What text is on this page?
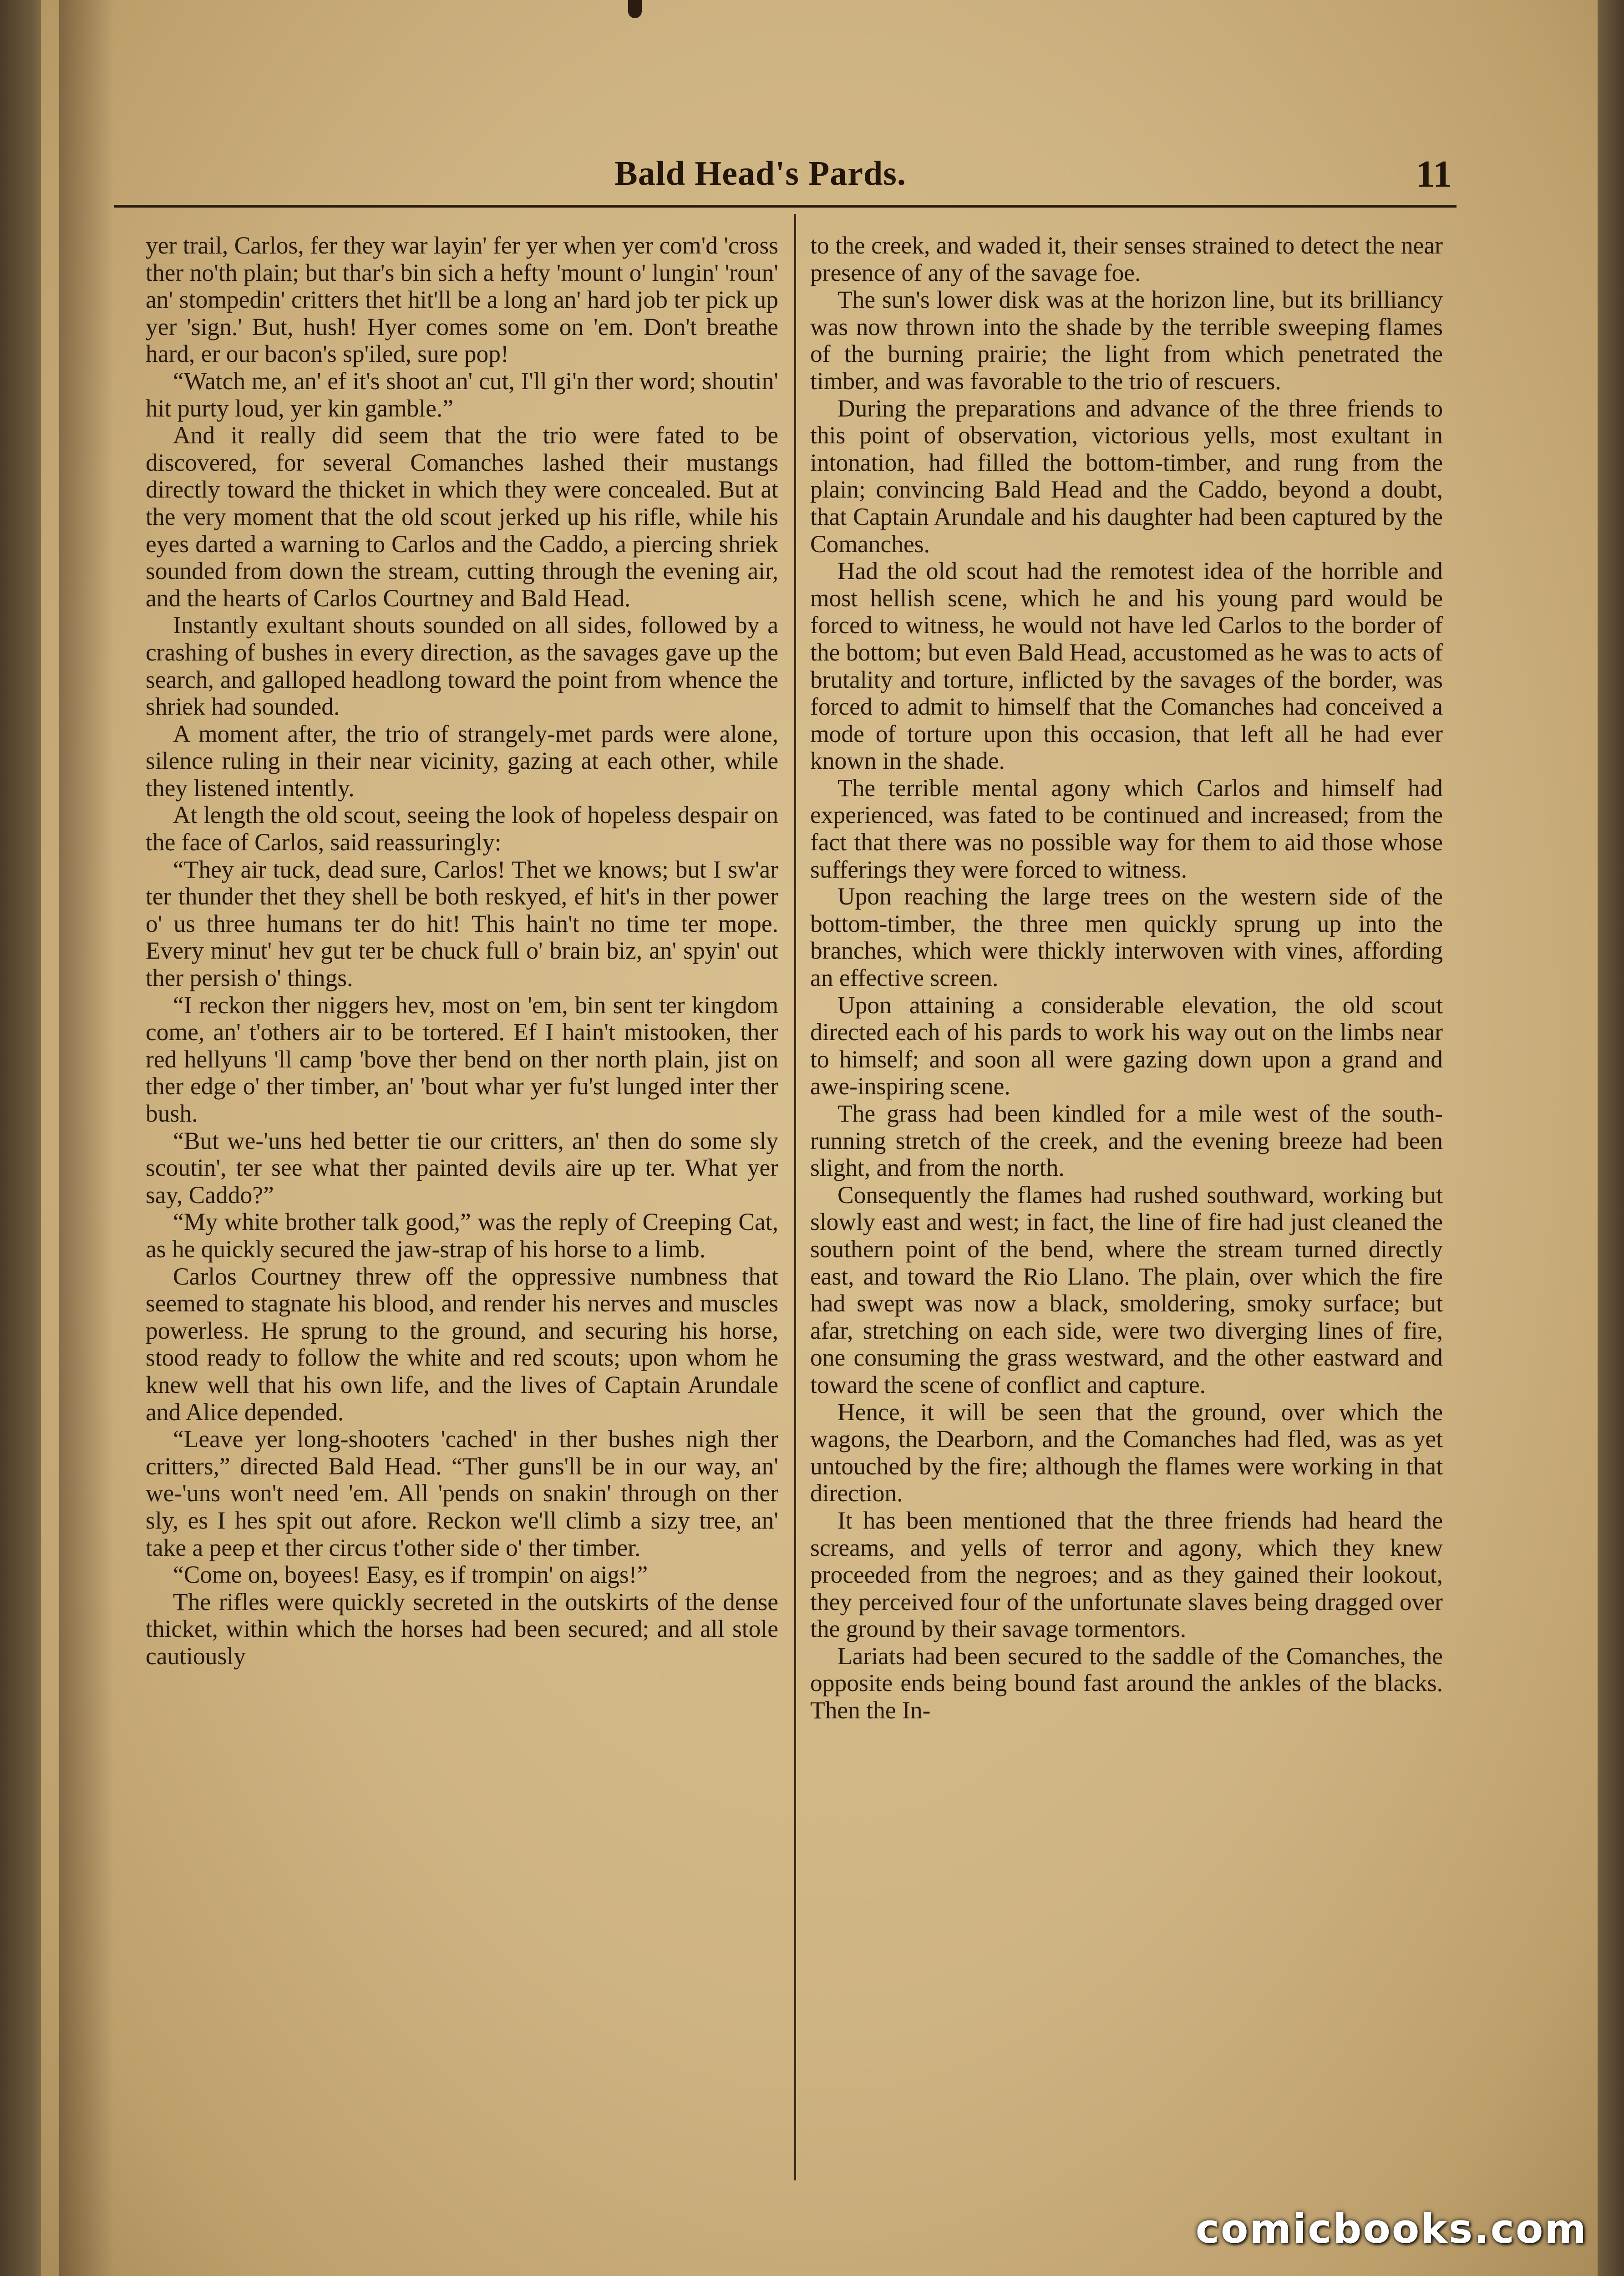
Bald Head's Pards.	11

yer trail, Carlos, fer they war layin' fer yer when yer com'd 'cross ther no'th plain; but thar's bin sich a hefty 'mount o' lungin' 'roun' an' stompedin' critters thet hit'll be a long an' hard job ter pick up yer 'sign.' But, hush! Hyer comes some on 'em. Don't breathe hard, er our bacon's sp'iled, sure pop!

“Watch me, an' ef it's shoot an' cut, I'll gi'n ther word; shoutin' hit purty loud, yer kin gamble.”

And it really did seem that the trio were fated to be discovered, for several Comanches lashed their mustangs directly toward the thicket in which they were concealed. But at the very moment that the old scout jerked up his rifle, while his eyes darted a warning to Carlos and the Caddo, a piercing shriek sounded from down the stream, cutting through the evening air, and the hearts of Carlos Courtney and Bald Head.

Instantly exultant shouts sounded on all sides, followed by a crashing of bushes in every direction, as the savages gave up the search, and galloped headlong toward the point from whence the shriek had sounded.

A moment after, the trio of strangely-met pards were alone, silence ruling in their near vicinity, gazing at each other, while they listened intently.

At length the old scout, seeing the look of hopeless despair on the face of Carlos, said reassuringly:

“They air tuck, dead sure, Carlos! Thet we knows; but I sw'ar ter thunder thet they shell be both reskyed, ef hit's in ther power o' us three humans ter do hit! This hain't no time ter mope. Every minut' hev gut ter be chuck full o' brain biz, an' spyin' out ther persish o' things.

“I reckon ther niggers hev, most on 'em, bin sent ter kingdom come, an' t'others air to be tortered. Ef I hain't mistooken, ther red hellyuns 'll camp 'bove ther bend on ther north plain, jist on ther edge o' ther timber, an' 'bout whar yer fu'st lunged inter ther bush.

“But we-'uns hed better tie our critters, an' then do some sly scoutin', ter see what ther painted devils aire up ter. What yer say, Caddo?”

“My white brother talk good,” was the reply of Creeping Cat, as he quickly secured the jaw-strap of his horse to a limb.

Carlos Courtney threw off the oppressive numbness that seemed to stagnate his blood, and render his nerves and muscles powerless. He sprung to the ground, and securing his horse, stood ready to follow the white and red scouts; upon whom he knew well that his own life, and the lives of Captain Arundale and Alice depended.

“Leave yer long-shooters 'cached' in ther bushes nigh ther critters,” directed Bald Head. “Ther guns'll be in our way, an' we-'uns won't need 'em. All 'pends on snakin' through on ther sly, es I hes spit out afore. Reckon we'll climb a sizy tree, an' take a peep et ther circus t'other side o' ther timber.

“Come on, boyees! Easy, es if trompin' on aigs!”

The rifles were quickly secreted in the outskirts of the dense thicket, within which the horses had been secured; and all stole cautiously

to the creek, and waded it, their senses strained to detect the near presence of any of the savage foe.

The sun's lower disk was at the horizon line, but its brilliancy was now thrown into the shade by the terrible sweeping flames of the burning prairie; the light from which penetrated the timber, and was favorable to the trio of rescuers.

During the preparations and advance of the three friends to this point of observation, victorious yells, most exultant in intonation, had filled the bottom-timber, and rung from the plain; convincing Bald Head and the Caddo, beyond a doubt, that Captain Arundale and his daughter had been captured by the Comanches.

Had the old scout had the remotest idea of the horrible and most hellish scene, which he and his young pard would be forced to witness, he would not have led Carlos to the border of the bottom; but even Bald Head, accustomed as he was to acts of brutality and torture, inflicted by the savages of the border, was forced to admit to himself that the Comanches had conceived a mode of torture upon this occasion, that left all he had ever known in the shade.

The terrible mental agony which Carlos and himself had experienced, was fated to be continued and increased; from the fact that there was no possible way for them to aid those whose sufferings they were forced to witness.

Upon reaching the large trees on the western side of the bottom-timber, the three men quickly sprung up into the branches, which were thickly interwoven with vines, affording an effective screen.

Upon attaining a considerable elevation, the old scout directed each of his pards to work his way out on the limbs near to himself; and soon all were gazing down upon a grand and awe-inspiring scene.

The grass had been kindled for a mile west of the south-running stretch of the creek, and the evening breeze had been slight, and from the north.

Consequently the flames had rushed southward, working but slowly east and west; in fact, the line of fire had just cleaned the southern point of the bend, where the stream turned directly east, and toward the Rio Llano. The plain, over which the fire had swept was now a black, smoldering, smoky surface; but afar, stretching on each side, were two diverging lines of fire, one consuming the grass westward, and the other eastward and toward the scene of conflict and capture.

Hence, it will be seen that the ground, over which the wagons, the Dearborn, and the Comanches had fled, was as yet untouched by the fire; although the flames were working in that direction.

It has been mentioned that the three friends had heard the screams, and yells of terror and agony, which they knew proceeded from the negroes; and as they gained their lookout, they perceived four of the unfortunate slaves being dragged over the ground by their savage tormentors.

Lariats had been secured to the saddle of the Comanches, the opposite ends being bound fast around the ankles of the blacks. Then the In-

comicbooks.com
